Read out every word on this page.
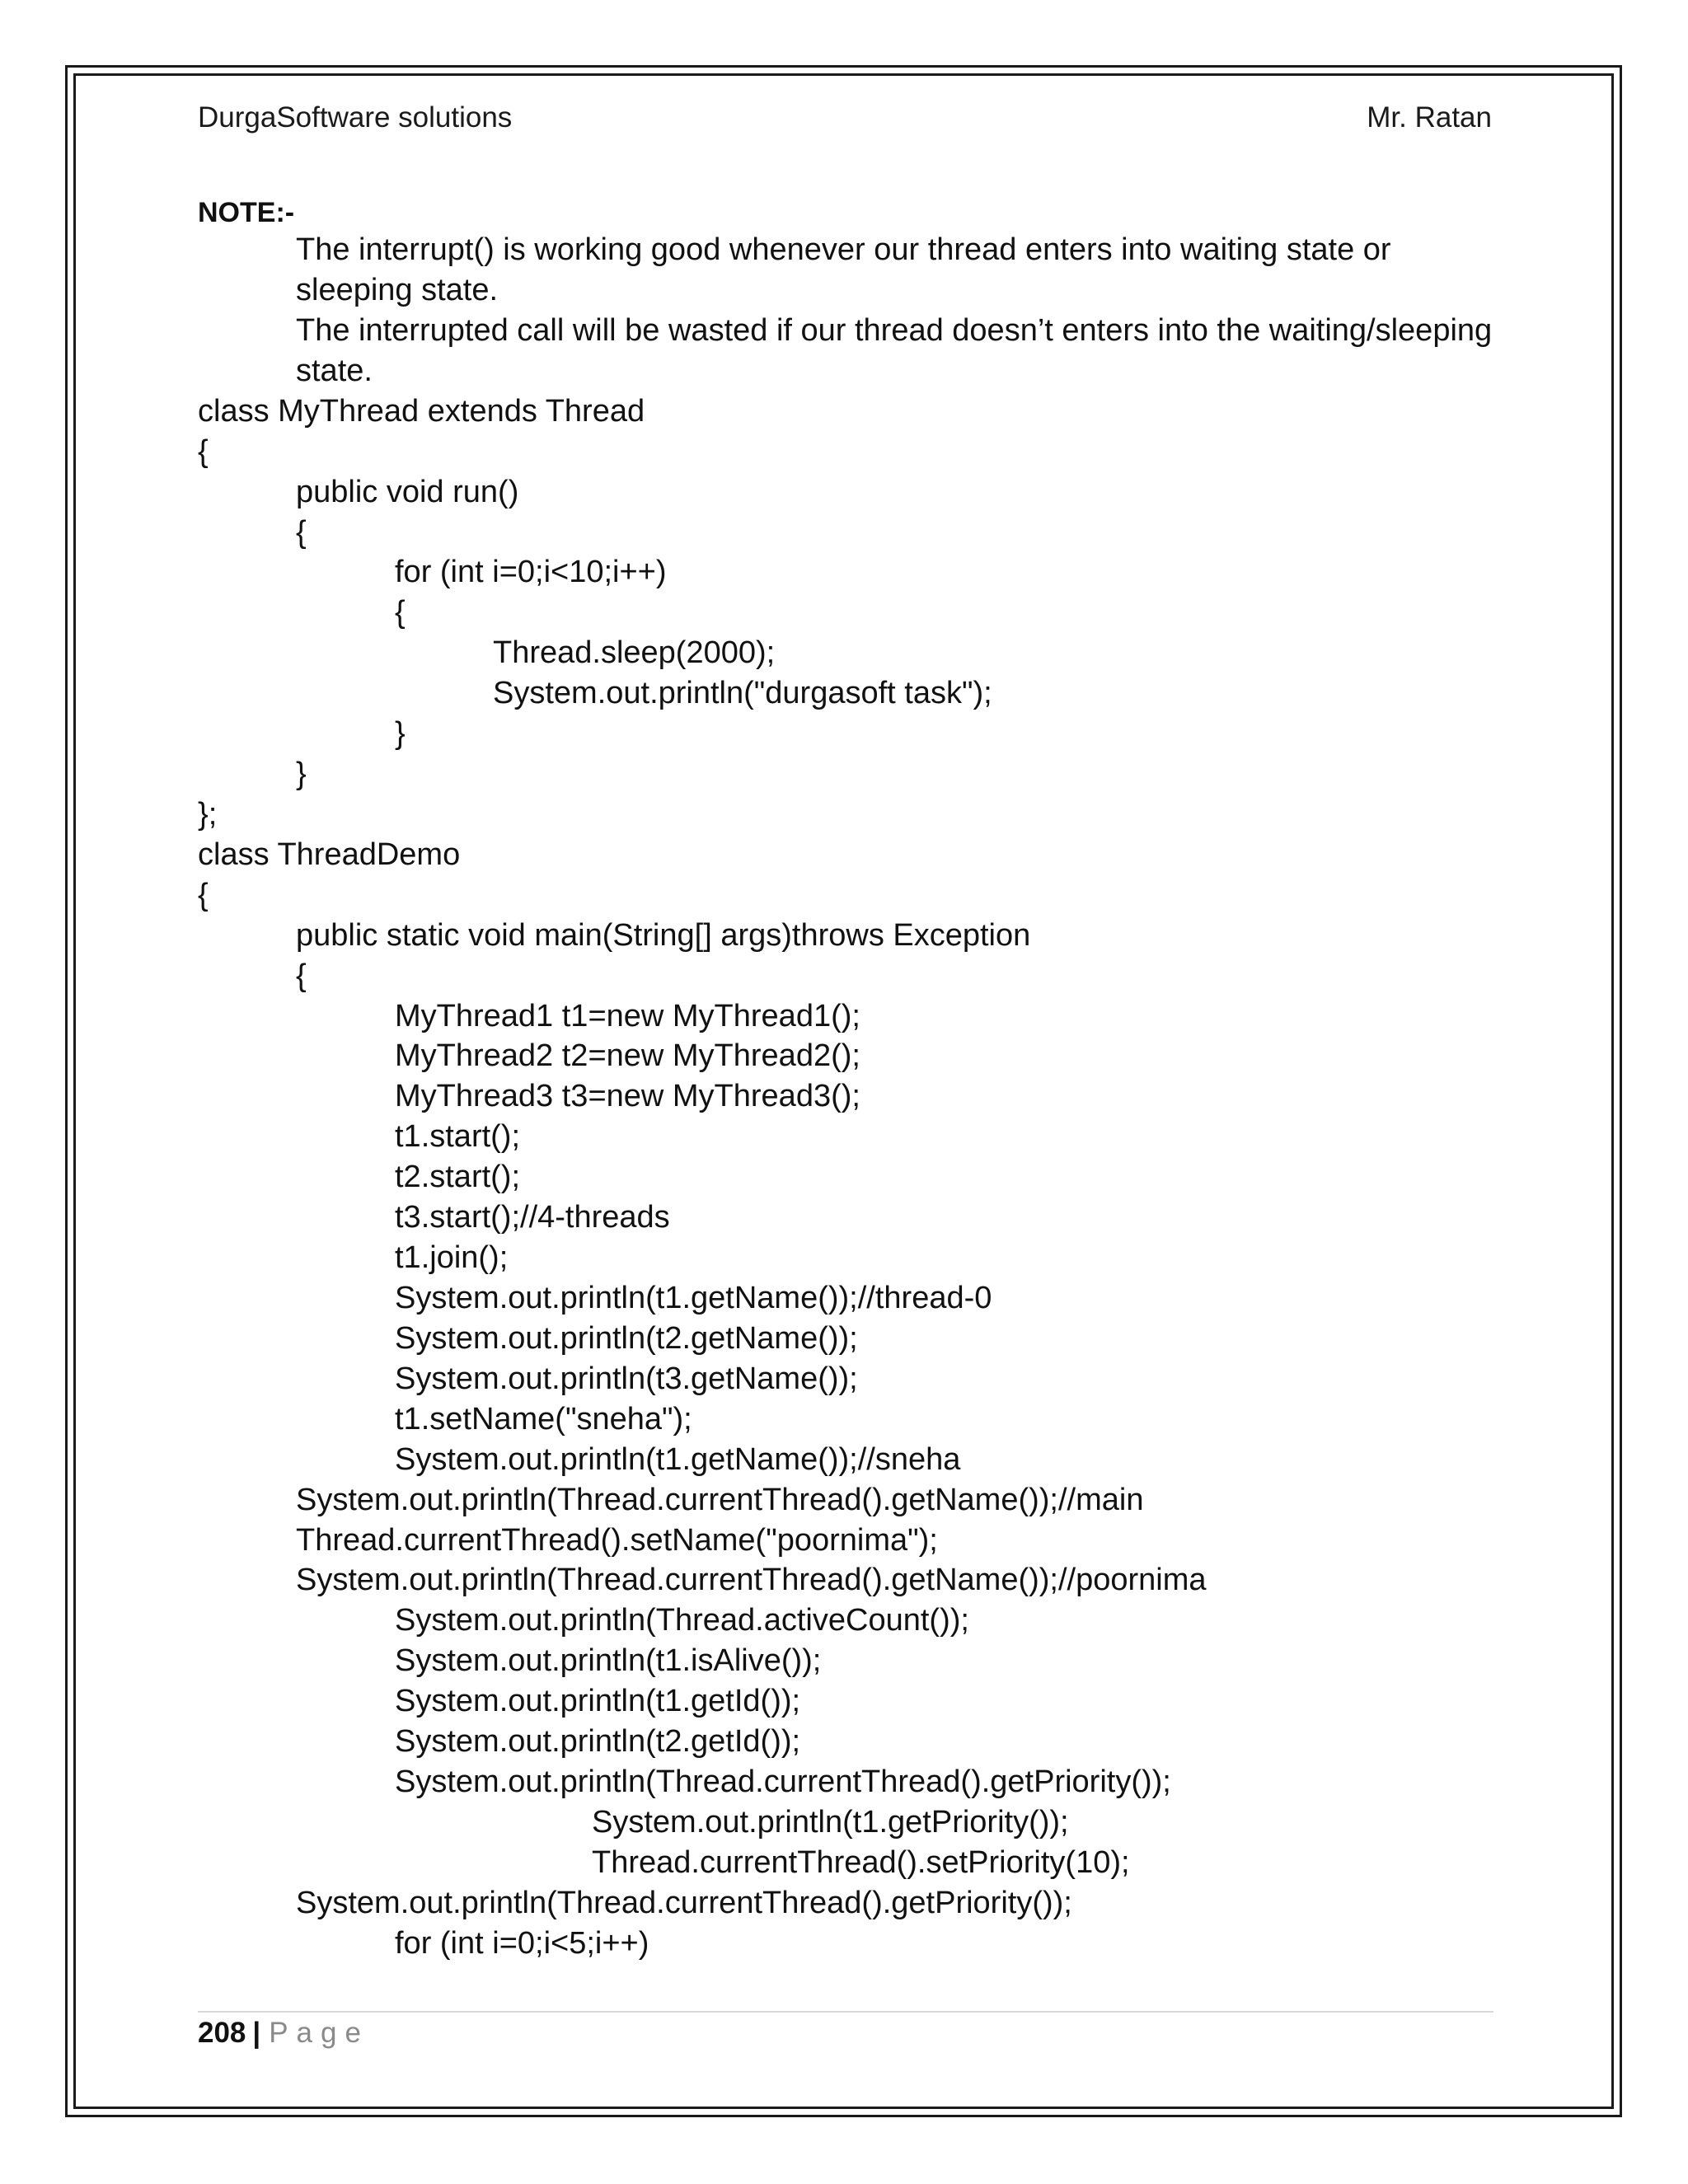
DurgaSoftware solutions	Mr. Ratan
NOTE:-
The interrupt() is working good whenever our thread enters into waiting state or
sleeping state.
The interrupted call will be wasted if our thread doesn’t enters into the waiting/sleeping
state.
class MyThread extends Thread
{
public void run()
{
for (int i=0;i<10;i++)
{
Thread.sleep(2000);
System.out.println("durgasoft task");
}
}
};
class ThreadDemo
{
public static void main(String[] args)throws Exception
{
MyThread1 t1=new MyThread1();
MyThread2 t2=new MyThread2();
MyThread3 t3=new MyThread3();
t1.start();
t2.start();
t3.start();//4-threads
t1.join();
System.out.println(t1.getName());//thread-0
System.out.println(t2.getName());
System.out.println(t3.getName());
t1.setName("sneha");
System.out.println(t1.getName());//sneha
System.out.println(Thread.currentThread().getName());//main
Thread.currentThread().setName("poornima");
System.out.println(Thread.currentThread().getName());//poornima
System.out.println(Thread.activeCount());
System.out.println(t1.isAlive());
System.out.println(t1.getId());
System.out.println(t2.getId());
System.out.println(Thread.currentThread().getPriority());
System.out.println(t1.getPriority());
Thread.currentThread().setPriority(10);
System.out.println(Thread.currentThread().getPriority());
for (int i=0;i<5;i++)
208 | Page
